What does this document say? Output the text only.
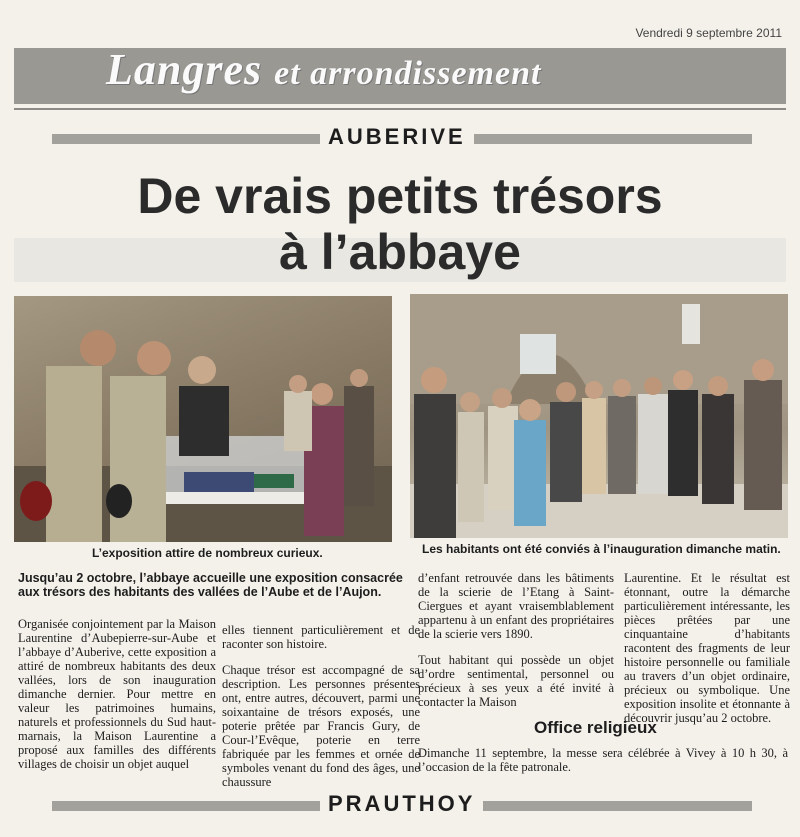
Vendredi 9 septembre 2011
Langres et arrondissement
AUBERIVE
De vrais petits trésors
à l’abbaye
L’exposition attire de nombreux curieux.	Les habitants ont été conviés à l’inauguration dimanche matin.
Jusqu’au 2 octobre, l’abbaye accueille une exposition consacrée aux trésors des habitants des vallées de l’Aube et de l’Aujon.

Organisée conjointement par la Maison Laurentine d’Aubepierre-sur-Aube et l’abbaye d’Auberive, cette exposition a attiré de nombreux habitants des deux vallées, lors de son inauguration dimanche dernier. Pour mettre en valeur les patrimoines humains, naturels et professionnels du Sud haut-marnais, la Maison Laurentine a proposé aux familles des différents villages de choisir un objet auquel

elles tiennent particulièrement et de raconter son histoire.

Chaque trésor est accompagné de sa description. Les personnes présentes ont, entre autres, découvert, parmi une soixantaine de trésors exposés, une poterie prêtée par Francis Gury, de Cour-l’Evêque, poterie en terre fabriquée par les femmes et ornée de symboles venant du fond des âges, une chaussure

d’enfant retrouvée dans les bâtiments de la scierie de l’Etang à Saint-Ciergues et ayant vraisemblablement appartenu à un enfant des propriétaires de la scierie vers 1890.

Tout habitant qui possède un objet d’ordre sentimental, personnel ou précieux à ses yeux a été invité à contacter la Maison

Laurentine. Et le résultat est étonnant, outre la démarche particulièrement intéressante, les pièces prêtées par une cinquantaine d’habitants racontent des fragments de leur histoire personnelle ou familiale au travers d’un objet ordinaire, précieux ou symbolique. Une exposition insolite et étonnante à découvrir jusqu’au 2 octobre.

Office religieux
Dimanche 11 septembre, la messe sera célébrée à Vivey à 10 h 30, à l’occasion de la fête patronale.
PRAUTHOY
